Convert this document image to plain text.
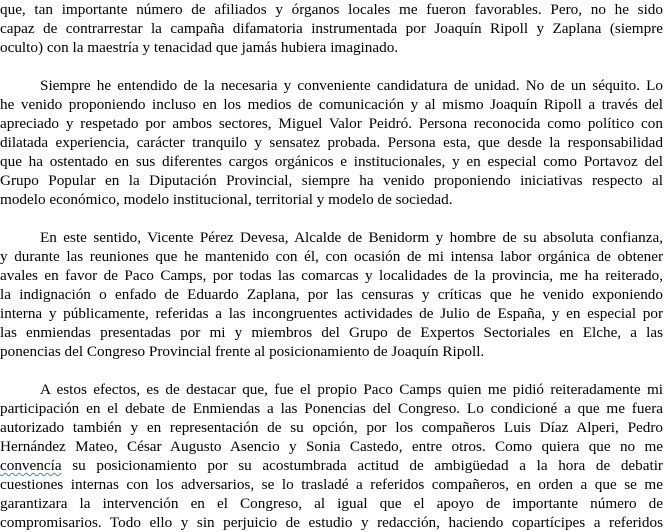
que, tan importante número de afiliados y órganos locales me fueron favorables. Pero, no he sido
capaz de contrarrestar la campaña difamatoria instrumentada por Joaquín Ripoll y Zaplana (siempre
oculto) con la maestría y tenacidad que jamás hubiera imaginado.
Siempre he entendido de la necesaria y conveniente candidatura de unidad. No de un séquito. Lo
he venido proponiendo incluso en los medios de comunicación y al mismo Joaquín Ripoll a través del
apreciado y respetado por ambos sectores, Miguel Valor Peidró. Persona reconocida como político con
dilatada experiencia, carácter tranquilo y sensatez probada. Persona esta, que desde la responsabilidad
que ha ostentado en sus diferentes cargos orgánicos e institucionales, y en especial como Portavoz del
Grupo Popular en la Diputación Provincial, siempre ha venido proponiendo iniciativas respecto al
modelo económico, modelo institucional, territorial y modelo de sociedad.
En este sentido, Vicente Pérez Devesa, Alcalde de Benidorm y hombre de su absoluta confianza,
y durante las reuniones que he mantenido con él, con ocasión de mi intensa labor orgánica de obtener
avales en favor de Paco Camps, por todas las comarcas y localidades de la provincia, me ha reiterado,
la indignación o enfado de Eduardo Zaplana, por las censuras y críticas que he venido exponiendo
interna y públicamente, referidas a las incongruentes actividades de Julio de España, y en especial por
las enmiendas presentadas por mi y miembros del Grupo de Expertos Sectoriales en Elche, a las
ponencias del Congreso Provincial frente al posicionamiento de Joaquín Ripoll.
A estos efectos, es de destacar que, fue el propio Paco Camps quien me pidió reiteradamente mi
participación en el debate de Enmiendas a las Ponencias del Congreso. Lo condicioné a que me fuera
autorizado también y en representación de su opción, por los compañeros Luis Díaz Alperi, Pedro
Hernández Mateo, César Augusto Asencio y Sonia Castedo, entre otros. Como quiera que no me
convencía su posicionamiento por su acostumbrada actitud de ambigüedad a la hora de debatir
cuestiones internas con los adversarios, se lo trasladé a referidos compañeros, en orden a que se me
garantizara la intervención en el Congreso, al igual que el apoyo de importante número de
compromisarios. Todo ello y sin perjuicio de estudio y redacción, haciendo copartícipes a referidos
